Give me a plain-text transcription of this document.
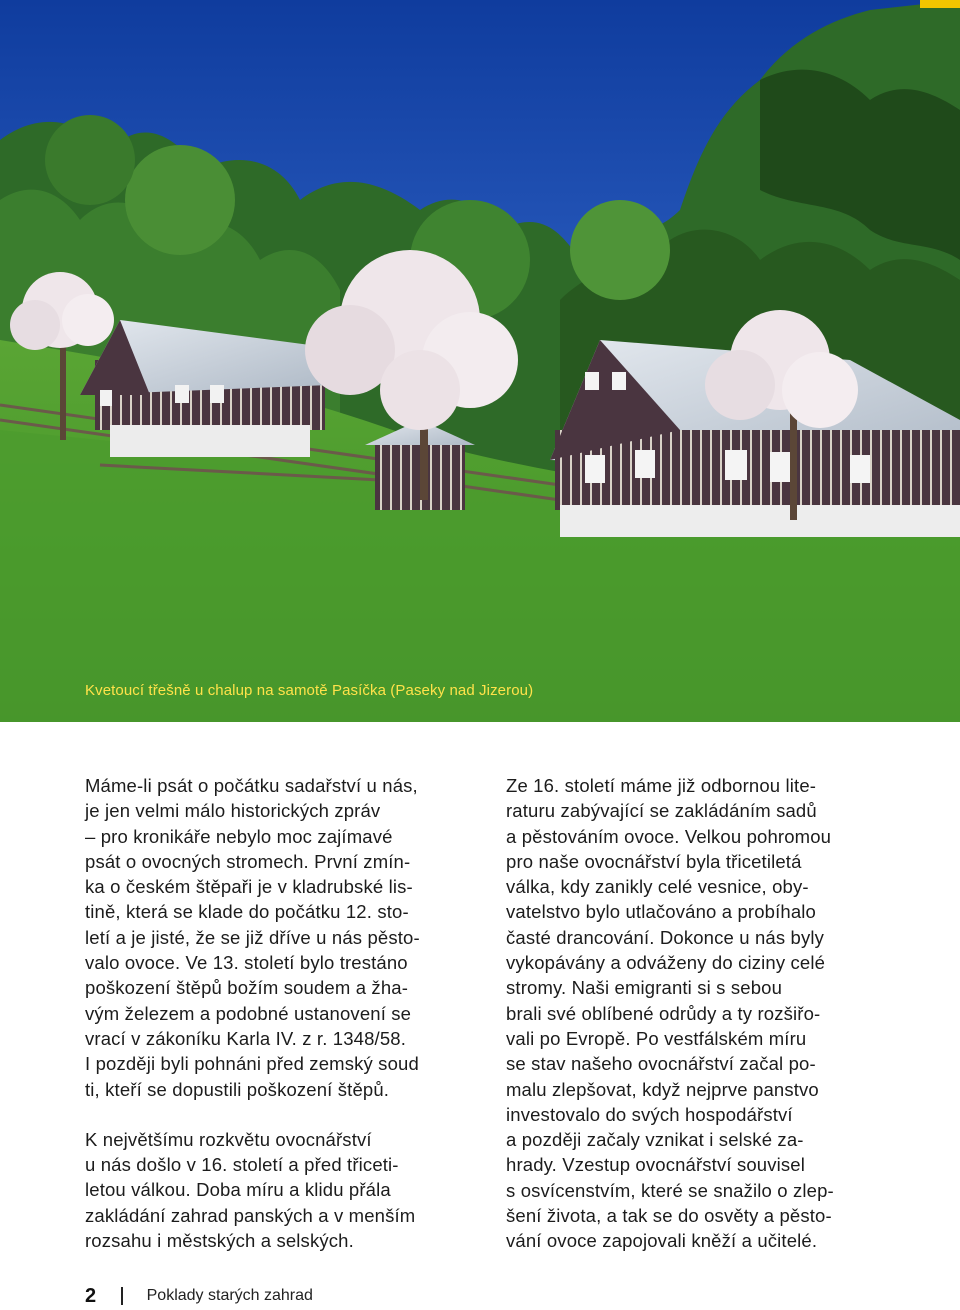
Kvetoucí třešně u chalup na samotě Pasíčka (Paseky nad Jizerou)

Máme-li psát o počátku sadařství u nás,
je jen velmi málo historických zpráv
– pro kronikáře nebylo moc zajímavé
psát o ovocných stromech. První zmín-
ka o českém štěpaři je v kladrubské lis-
tině, která se klade do počátku 12. sto-
letí a je jisté, že se již dříve u nás pěsto-
valo ovoce. Ve 13. století bylo trestáno
poškození štěpů božím soudem a žha-
vým železem a podobné ustanovení se
vrací v zákoníku Karla IV. z r. 1348/58.
I později byli pohnáni před zemský soud
ti, kteří se dopustili poškození štěpů.

K největšímu rozkvětu ovocnářství
u nás došlo v 16. století a před třiceti-
letou válkou. Doba míru a klidu přála
zakládání zahrad panských a v menším
rozsahu i městských a selských.

Ze 16. století máme již odbornou lite-
raturu zabývající se zakládáním sadů
a pěstováním ovoce. Velkou pohromou
pro naše ovocnářství byla třicetiletá
válka, kdy zanikly celé vesnice, oby-
vatelstvo bylo utlačováno a probíhalo
časté drancování. Dokonce u nás byly
vykopávány a odváženy do ciziny celé
stromy. Naši emigranti si s sebou
brali své oblíbené odrůdy a ty rozšiřo-
vali po Evropě. Po vestfálském míru
se stav našeho ovocnářství začal po-
malu zlepšovat, když nejprve panstvo
investovalo do svých hospodářství
a později začaly vznikat i selské za-
hrady. Vzestup ovocnářství souvisel
s osvícenstvím, které se snažilo o zlep-
šení života, a tak se do osvěty a pěsto-
vání ovoce zapojovali kněží a učitelé.

2	Poklady starých zahrad
